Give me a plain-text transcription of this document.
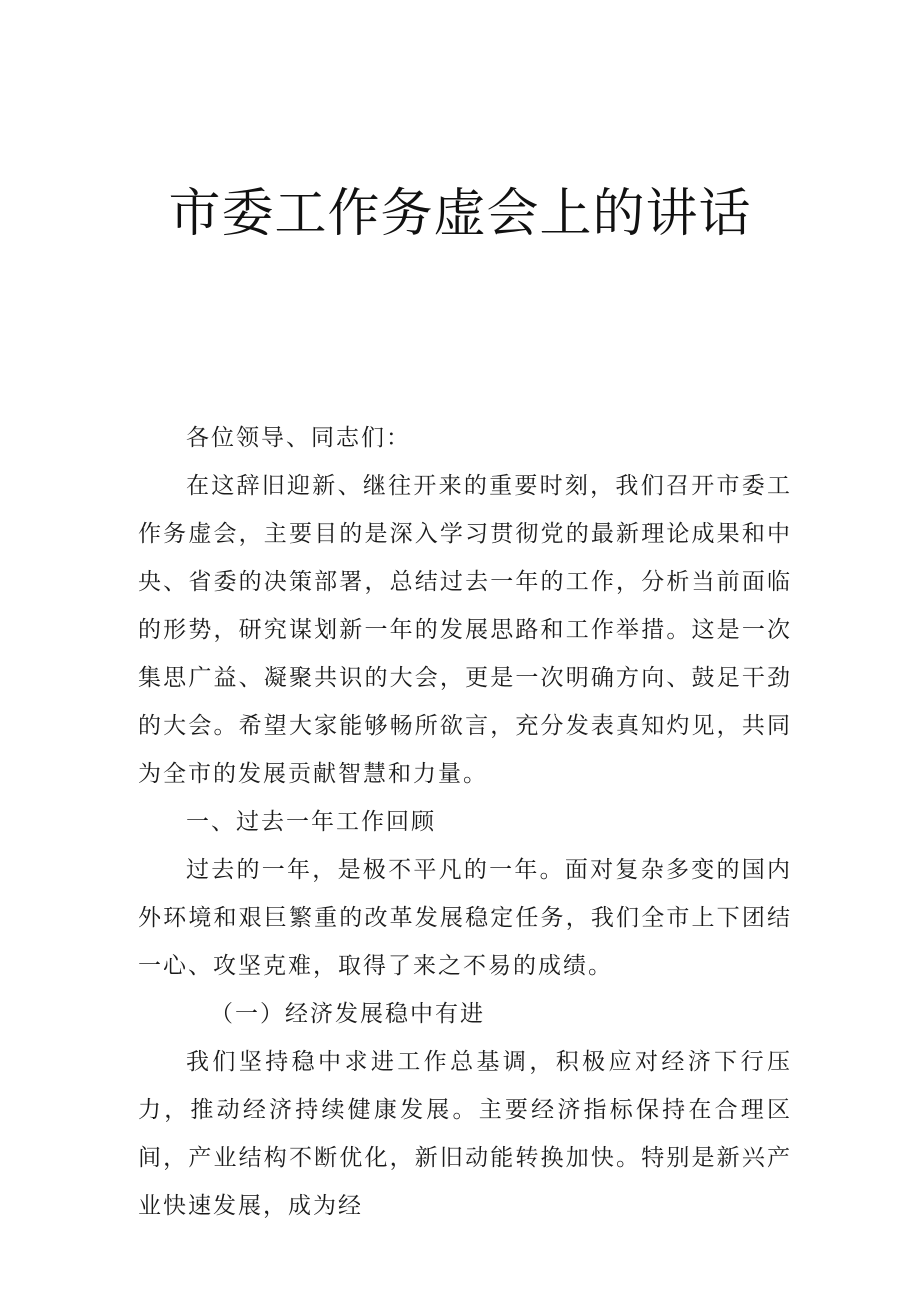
市委工作务虚会上的讲话

各位领导、同志们：

在这辞旧迎新、继往开来的重要时刻，我们召开市委工作务虚会，主要目的是深入学习贯彻党的最新理论成果和中央、省委的决策部署，总结过去一年的工作，分析当前面临的形势，研究谋划新一年的发展思路和工作举措。这是一次集思广益、凝聚共识的大会，更是一次明确方向、鼓足干劲的大会。希望大家能够畅所欲言，充分发表真知灼见，共同为全市的发展贡献智慧和力量。

一、过去一年工作回顾

过去的一年，是极不平凡的一年。面对复杂多变的国内外环境和艰巨繁重的改革发展稳定任务，我们全市上下团结一心、攻坚克难，取得了来之不易的成绩。

（一）经济发展稳中有进

我们坚持稳中求进工作总基调，积极应对经济下行压力，推动经济持续健康发展。主要经济指标保持在合理区间，产业结构不断优化，新旧动能转换加快。特别是新兴产业快速发展，成为经
